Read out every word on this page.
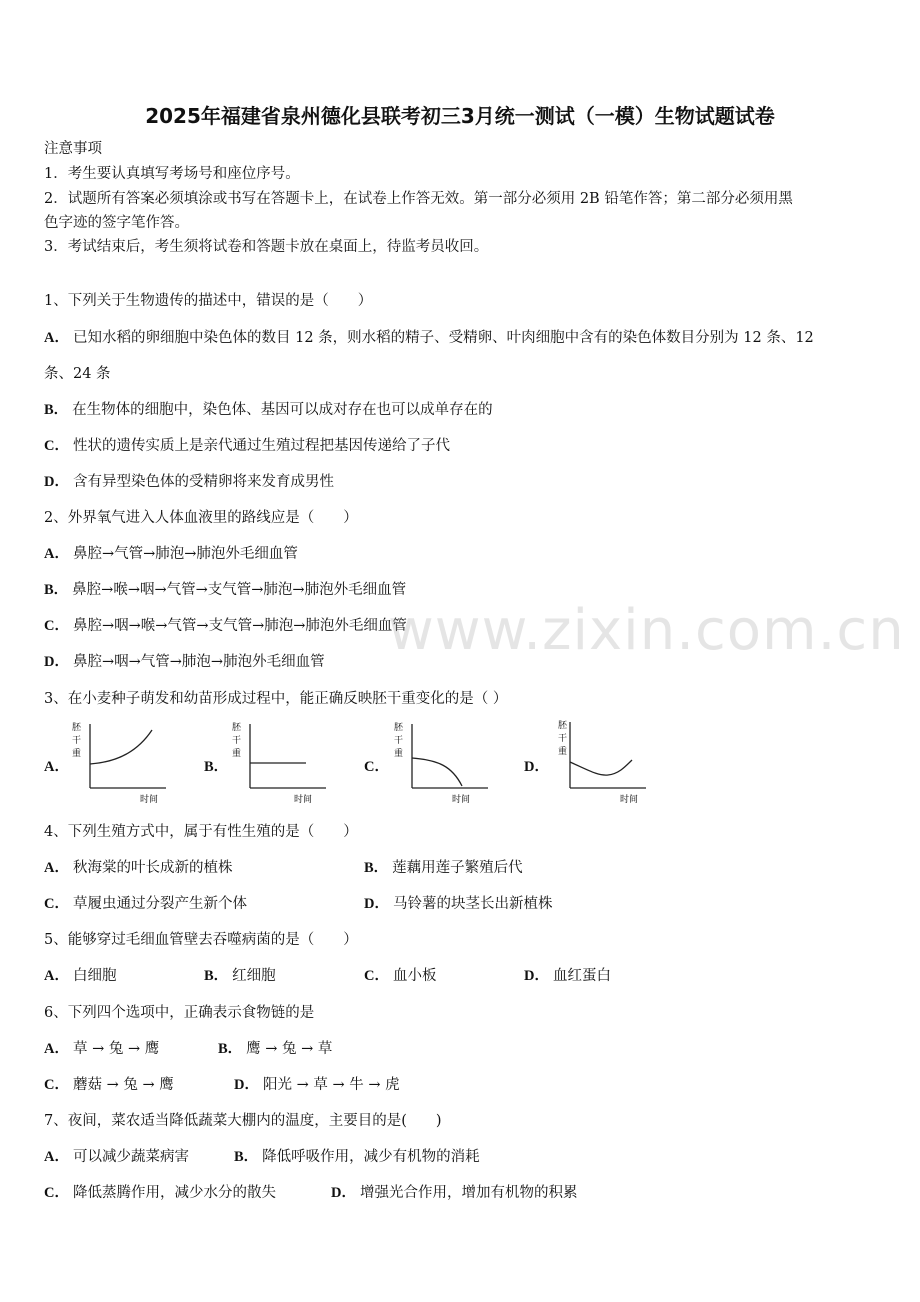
2025年福建省泉州德化县联考初三3月统一测试（一模）生物试题试卷
注意事项
1．考生要认真填写考场号和座位序号。
2．试题所有答案必须填涂或书写在答题卡上，在试卷上作答无效。第一部分必须用 2B 铅笔作答；第二部分必须用黑
色字迹的签字笔作答。
3．考试结束后，考生须将试卷和答题卡放在桌面上，待监考员收回。
1、下列关于生物遗传的描述中，错误的是（　　）
A． 已知水稻的卵细胞中染色体的数目 12 条，则水稻的精子、受精卵、叶肉细胞中含有的染色体数目分别为 12 条、12
条、24 条
B． 在生物体的细胞中，染色体、基因可以成对存在也可以成单存在的
C． 性状的遗传实质上是亲代通过生殖过程把基因传递给了子代
D． 含有异型染色体的受精卵将来发育成男性
2、外界氧气进入人体血液里的路线应是（　　）
A． 鼻腔→气管→肺泡→肺泡外毛细血管
B． 鼻腔→喉→咽→气管→支气管→肺泡→肺泡外毛细血管
C． 鼻腔→咽→喉→气管→支气管→肺泡→肺泡外毛细血管
D． 鼻腔→咽→气管→肺泡→肺泡外毛细血管 www.zixin.com.cn
3、在小麦种子萌发和幼苗形成过程中，能正确反映胚干重变化的是（ ）
A．
胚
干
重
时间
B．
胚
干
重
时间
C．
胚
干
重
时间
D．
胚
干
重
时间
4、下列生殖方式中，属于有性生殖的是（　　）
A． 秋海棠的叶长成新的植株	B． 莲藕用莲子繁殖后代
C． 草履虫通过分裂产生新个体	D． 马铃薯的块茎长出新植株
5、能够穿过毛细血管壁去吞噬病菌的是（　　）
A． 白细胞	B． 红细胞	C． 血小板	D． 血红蛋白
6、下列四个选项中，正确表示食物链的是
A． 草 → 兔 → 鹰	B． 鹰 → 兔 → 草
C． 蘑菇 → 兔 → 鹰	D． 阳光 → 草 → 牛 → 虎
7、夜间，菜农适当降低蔬菜大棚内的温度，主要目的是(　　)
A． 可以减少蔬菜病害	B． 降低呼吸作用，减少有机物的消耗
C． 降低蒸腾作用，减少水分的散失	D． 增强光合作用，增加有机物的积累
